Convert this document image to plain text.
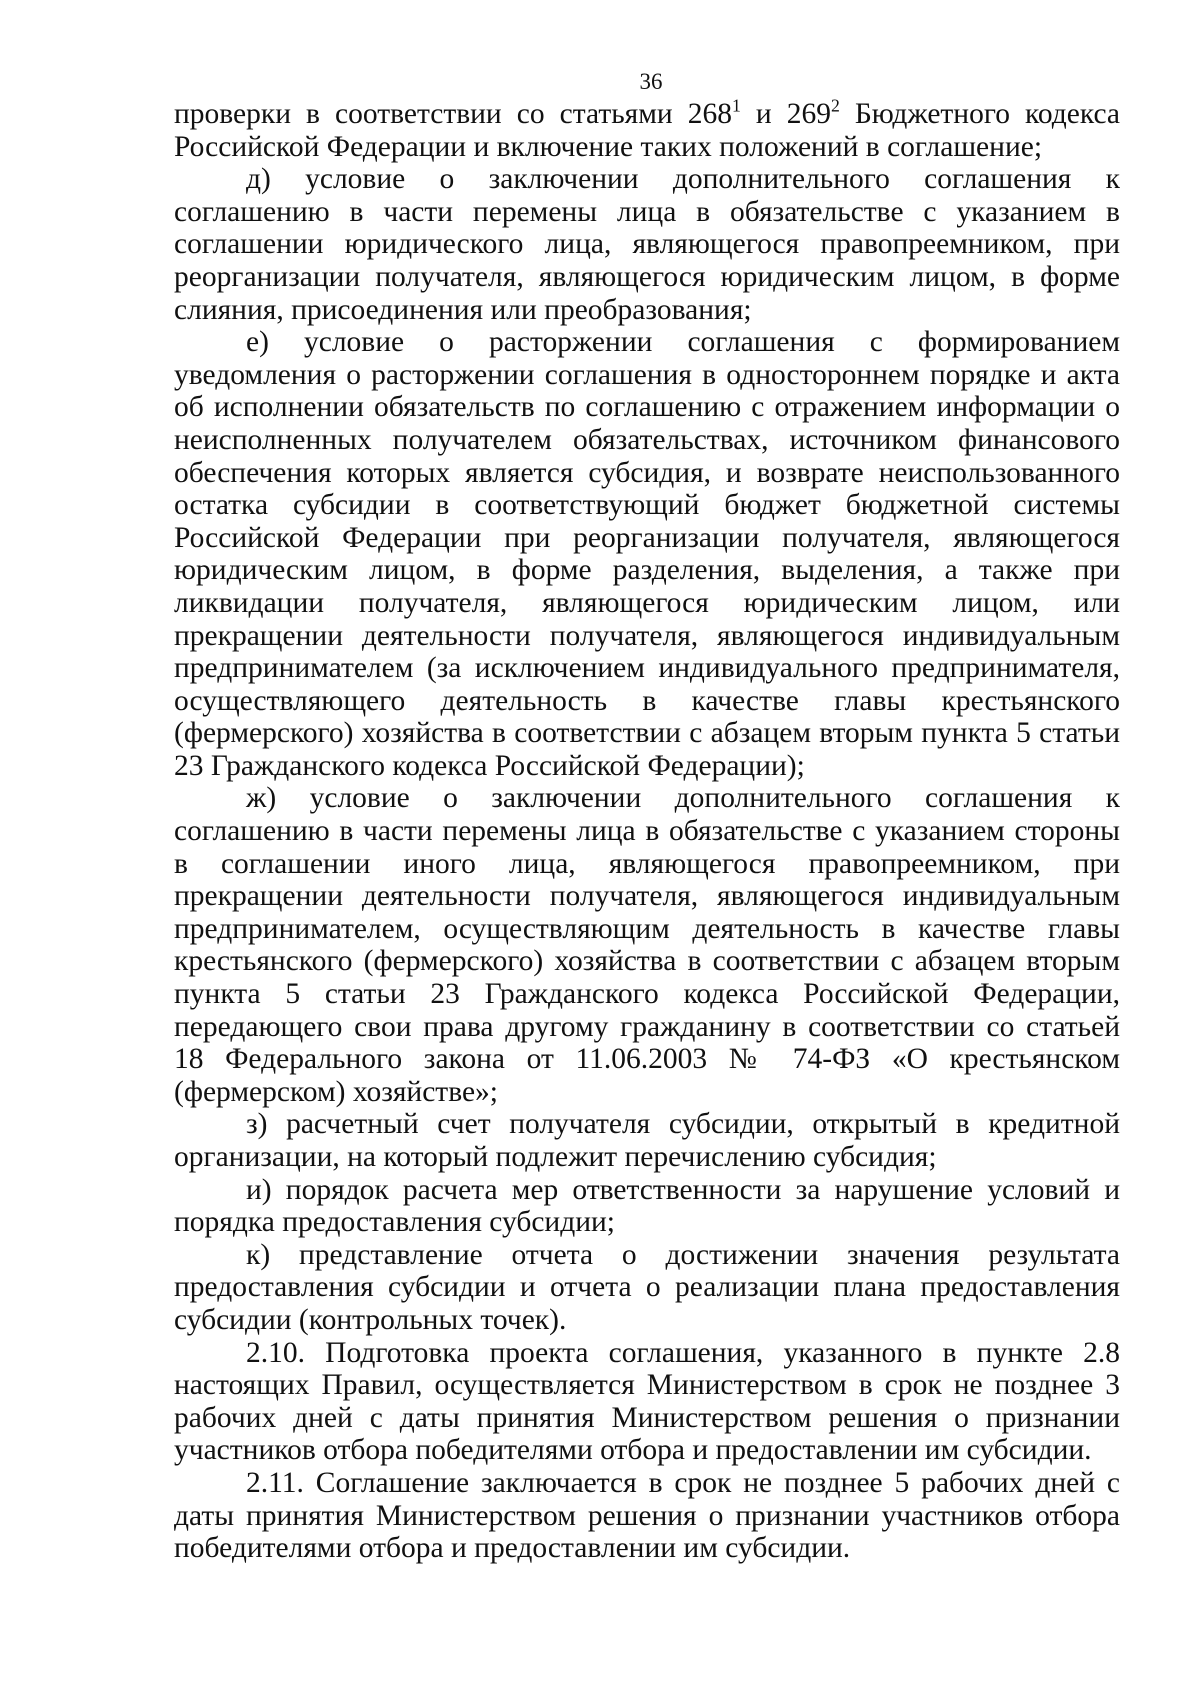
36

проверки в соответствии со статьями $268^1$ и $269^2$ Бюджетного кодекса Российской Федерации и включение таких положений в соглашение;

д) условие о заключении дополнительного соглашения к соглашению в части перемены лица в обязательстве с указанием в соглашении юридического лица, являющегося правопреемником, при реорганизации получателя, являющегося юридическим лицом, в форме слияния, присоединения или преобразования;

е) условие о расторжении соглашения с формированием уведомления о расторжении соглашения в одностороннем порядке и акта об исполнении обязательств по соглашению с отражением информации о неисполненных получателем обязательствах, источником финансового обеспечения которых является субсидия, и возврате неиспользованного остатка субсидии в соответствующий бюджет бюджетной системы Российской Федерации при реорганизации получателя, являющегося юридическим лицом, в форме разделения, выделения, а также при ликвидации получателя, являющегося юридическим лицом, или прекращении деятельности получателя, являющегося индивидуальным предпринимателем (за исключением индивидуального предпринимателя, осуществляющего деятельность в качестве главы крестьянского (фермерского) хозяйства в соответствии с абзацем вторым пункта 5 статьи 23 Гражданского кодекса Российской Федерации);

ж) условие о заключении дополнительного соглашения к соглашению в части перемены лица в обязательстве с указанием стороны в соглашении иного лица, являющегося правопреемником, при прекращении деятельности получателя, являющегося индивидуальным предпринимателем, осуществляющим деятельность в качестве главы крестьянского (фермерского) хозяйства в соответствии с абзацем вторым пункта 5 статьи 23 Гражданского кодекса Российской Федерации, передающего свои права другому гражданину в соответствии со статьей 18 Федерального закона от 11.06.2003 № 74-ФЗ «О крестьянском (фермерском) хозяйстве»;

з) расчетный счет получателя субсидии, открытый в кредитной организации, на который подлежит перечислению субсидия;

и) порядок расчета мер ответственности за нарушение условий и порядка предоставления субсидии;

к) представление отчета о достижении значения результата предоставления субсидии и отчета о реализации плана предоставления субсидии (контрольных точек).

2.10. Подготовка проекта соглашения, указанного в пункте 2.8 настоящих Правил, осуществляется Министерством в срок не позднее 3 рабочих дней с даты принятия Министерством решения о признании участников отбора победителями отбора и предоставлении им субсидии.

2.11. Соглашение заключается в срок не позднее 5 рабочих дней с даты принятия Министерством решения о признании участников отбора победителями отбора и предоставлении им субсидии.
